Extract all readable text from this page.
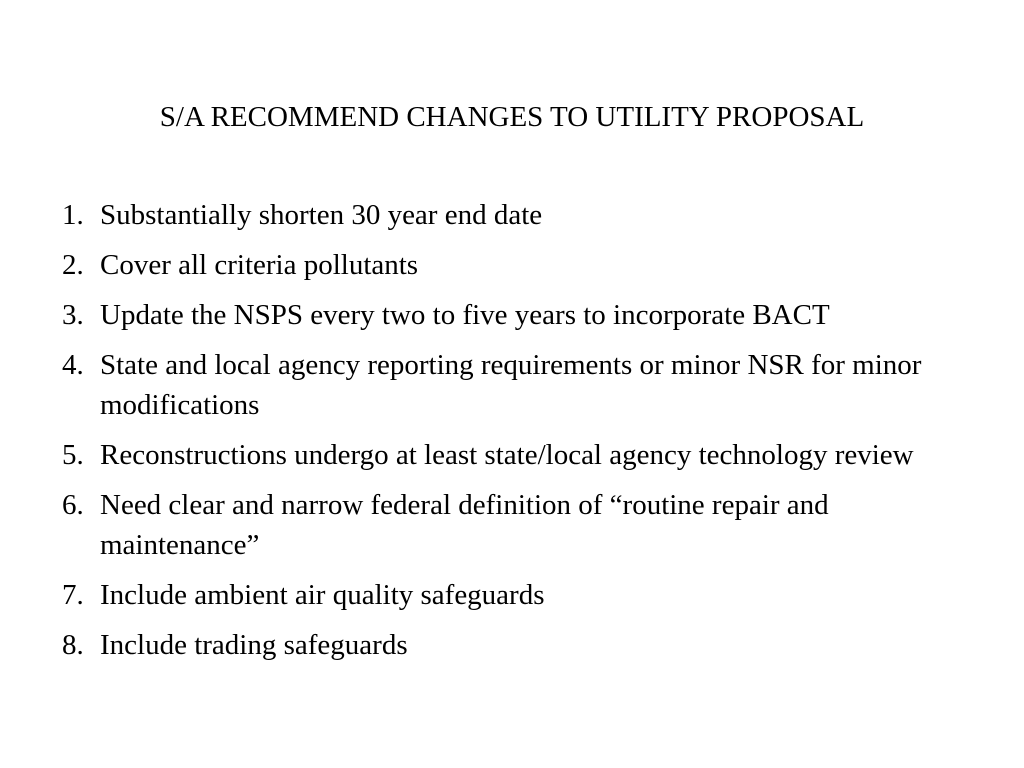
S/A RECOMMEND CHANGES TO UTILITY PROPOSAL
1. Substantially shorten 30 year end date
2. Cover all criteria pollutants
3. Update the NSPS every two to five years to incorporate BACT
4. State and local agency reporting requirements or minor NSR for minor modifications
5. Reconstructions undergo at least state/local agency technology review
6. Need clear and narrow federal definition of “routine repair and maintenance”
7. Include ambient air quality safeguards
8. Include trading safeguards
